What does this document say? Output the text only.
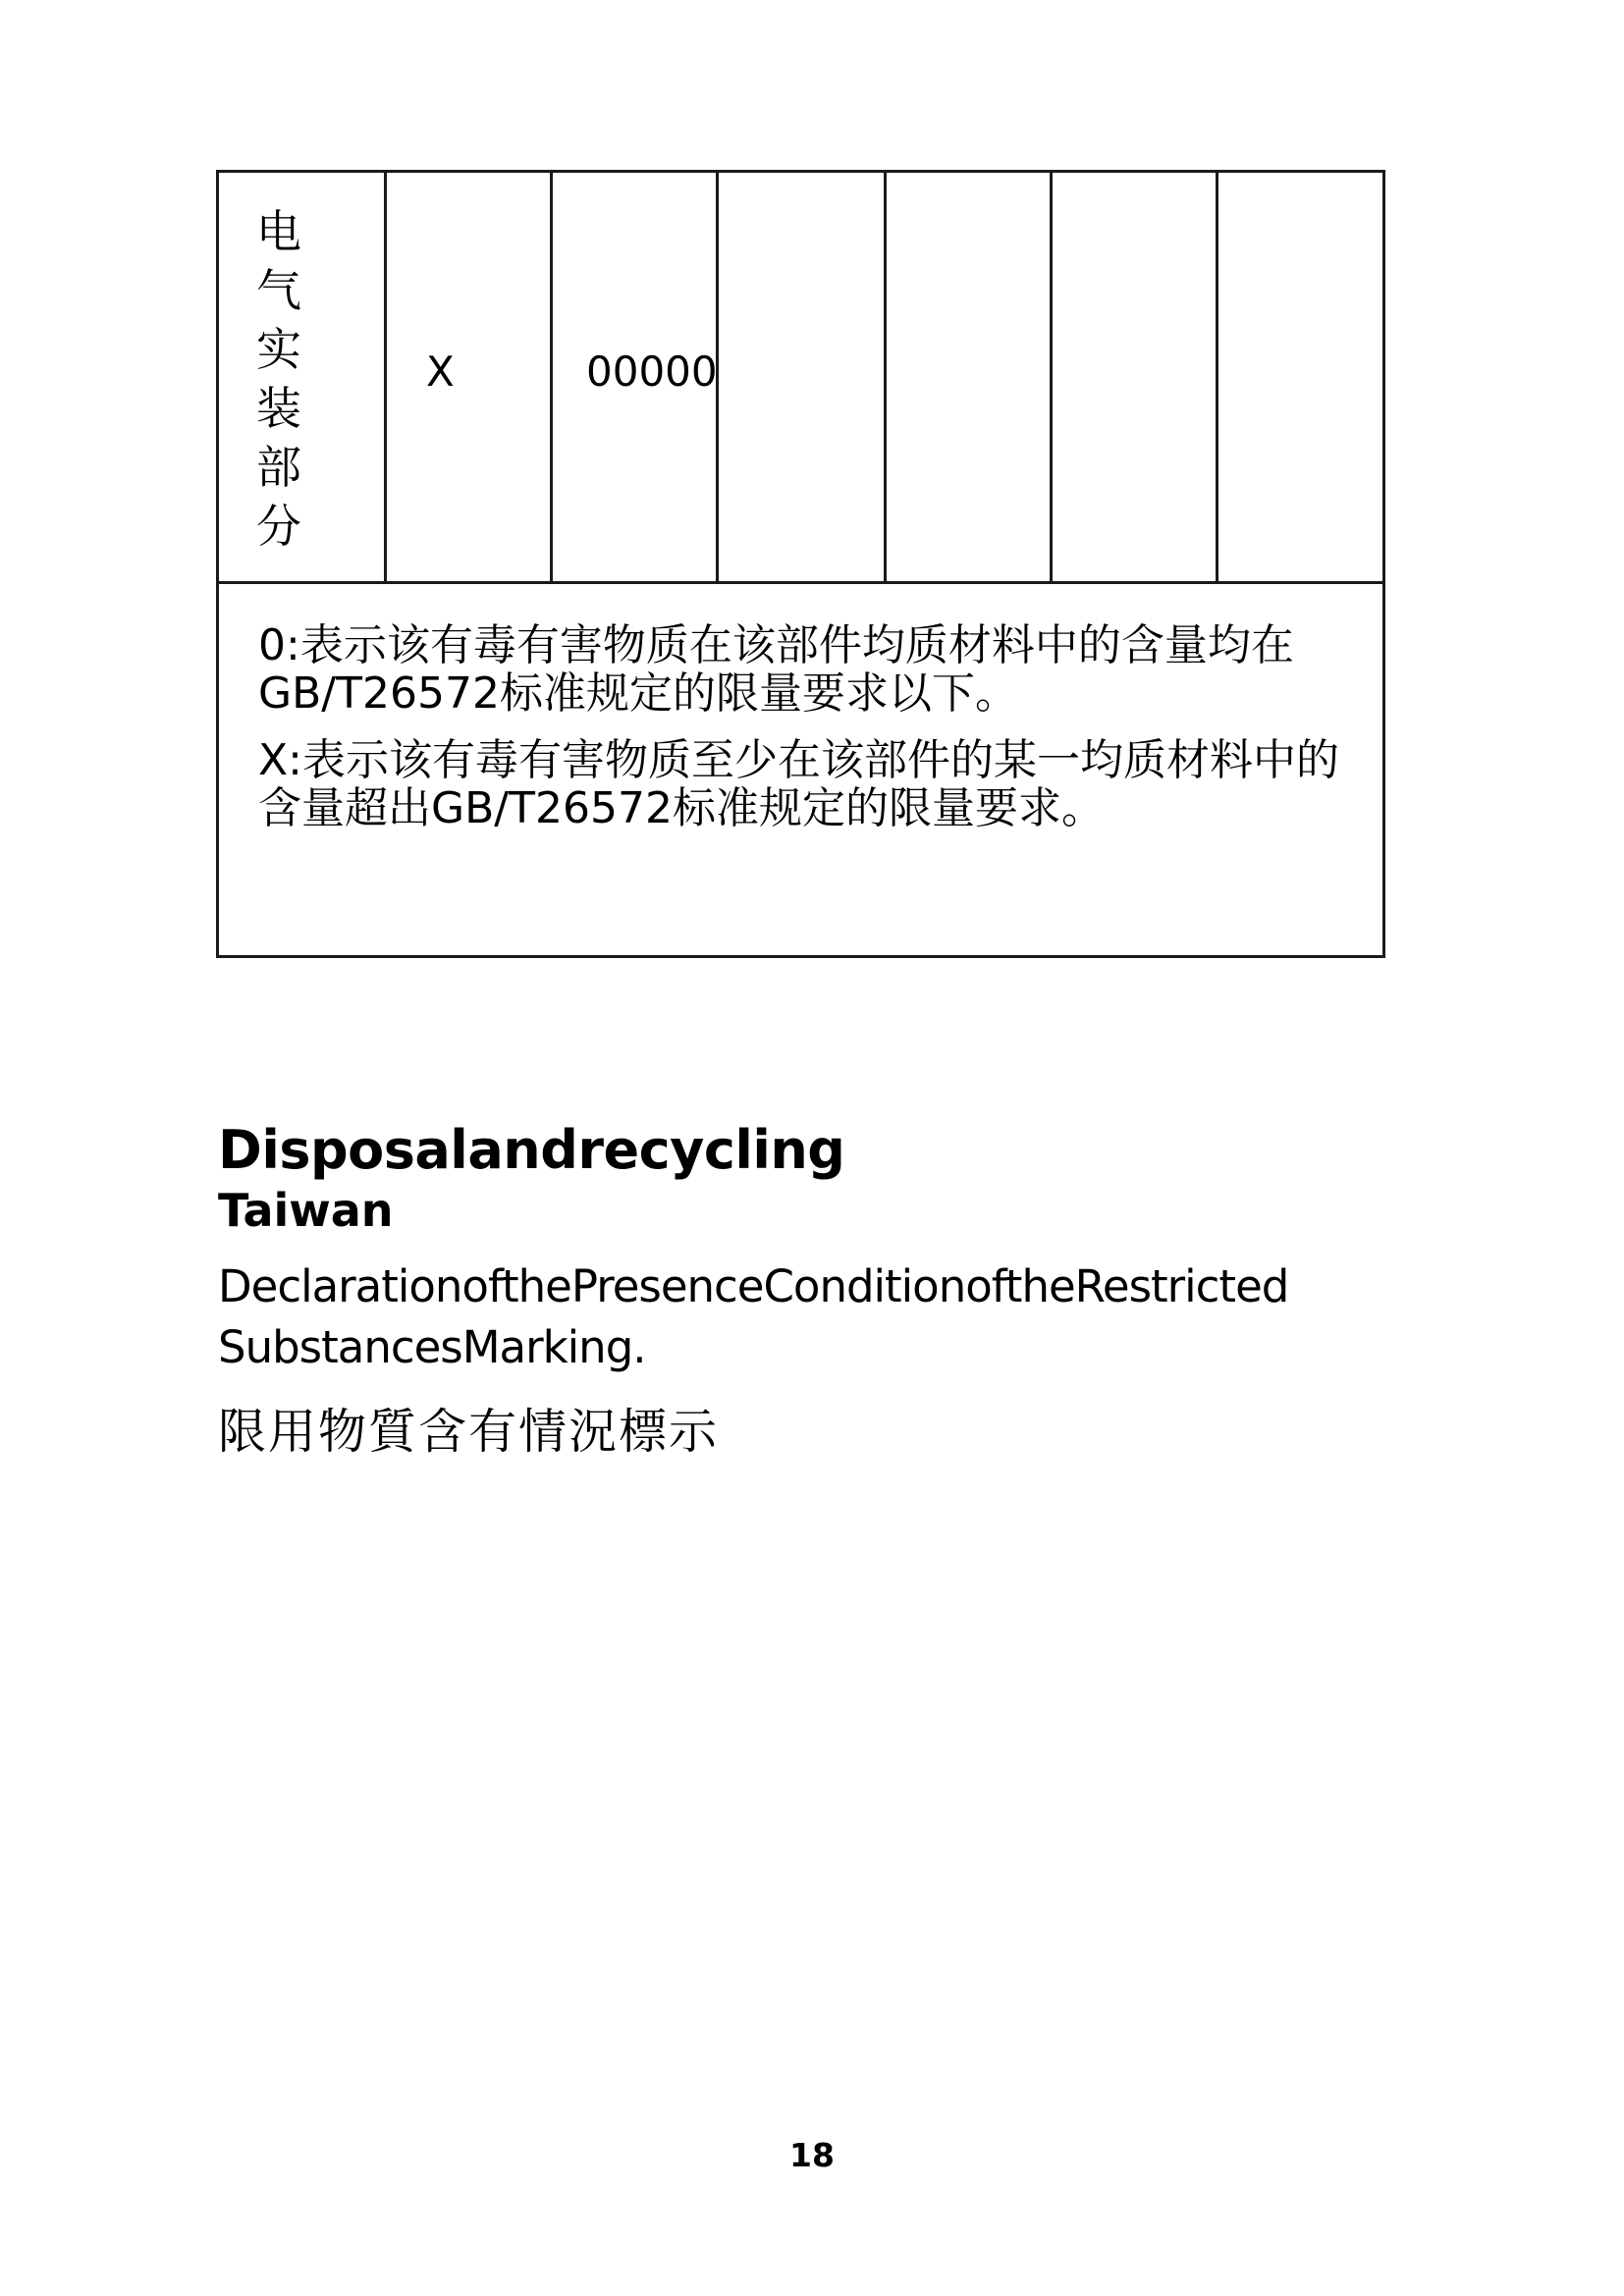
电气实装部分
X	00000

0:表示该有毒有害物质在该部件均质材料中的含量均在GB/T26572标准规定的限量要求以下。

X:表示该有毒有害物质至少在该部件的某一均质材料中的含量超出GB/T26572标准规定的限量要求。

Disposalandrecycling
Taiwan

DeclarationofthePresenceConditionoftheRestricted SubstancesMarking.

限用物質含有情況標示

18
